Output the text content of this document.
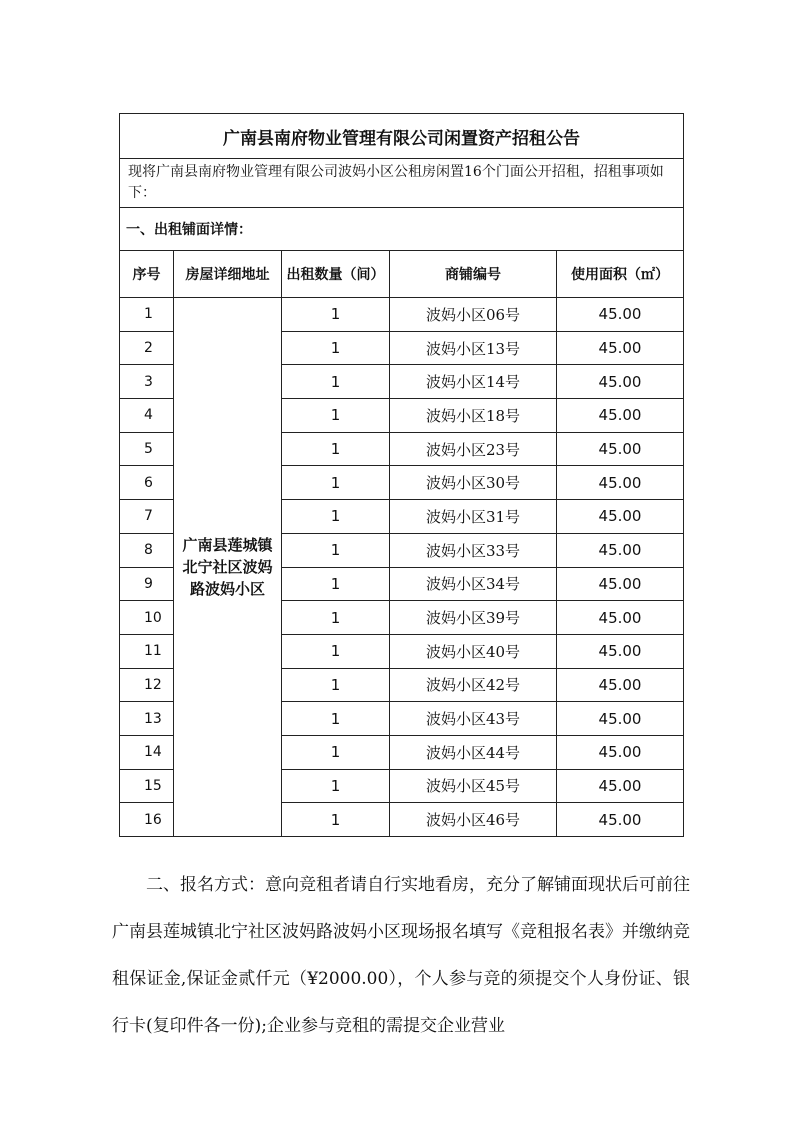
广南县南府物业管理有限公司闲置资产招租公告				
现将广南县南府物业管理有限公司波妈小区公租房闲置16个门面公开招租，招租事项如下：				
一、出租铺面详情：				
序号	房屋详细地址	出租数量（间）	商铺编号	使用面积（㎡）
1	广南县莲城镇北宁社区波妈路波妈小区	1	波妈小区06号	45.00
2		1	波妈小区13号	45.00
3		1	波妈小区14号	45.00
4		1	波妈小区18号	45.00
5		1	波妈小区23号	45.00
6		1	波妈小区30号	45.00
7		1	波妈小区31号	45.00
8		1	波妈小区33号	45.00
9		1	波妈小区34号	45.00
10		1	波妈小区39号	45.00
11		1	波妈小区40号	45.00
12		1	波妈小区42号	45.00
13		1	波妈小区43号	45.00
14		1	波妈小区44号	45.00
15		1	波妈小区45号	45.00
16		1	波妈小区46号	45.00

二、报名方式：意向竞租者请自行实地看房，充分了解铺面现状后可前往广南县莲城镇北宁社区波妈路波妈小区现场报名填写《竞租报名表》并缴纳竞租保证金,保证金贰仟元（¥2000.00），个人参与竞的须提交个人身份证、银行卡(复印件各一份);企业参与竞租的需提交企业营业
